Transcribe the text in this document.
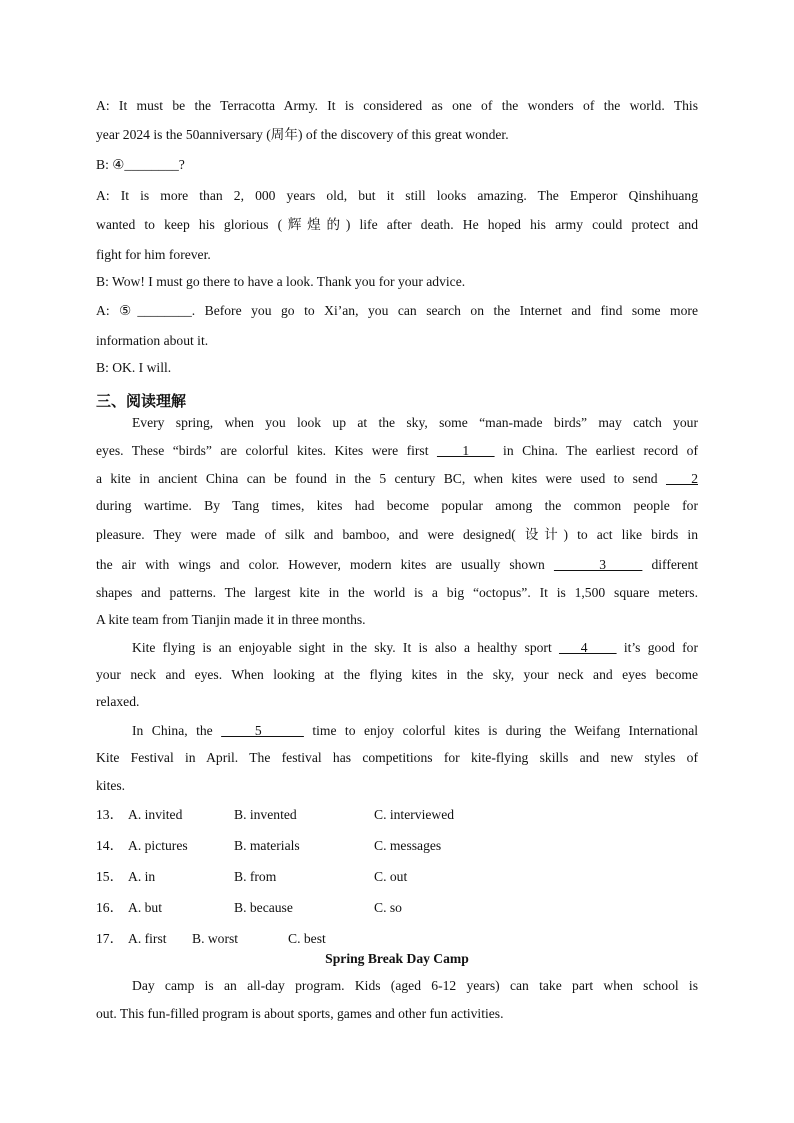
A: It must be the Terracotta Army. It is considered as one of the wonders of the world. This
year 2024 is the 50anniversary (周年) of the discovery of this great wonder.
B: ④________?
A: It is more than 2, 000 years old, but it still looks amazing. The Emperor Qinshihuang
wanted to keep his glorious (辉煌的) life after death. He hoped his army could protect and
fight for him forever.
B: Wow! I must go there to have a look. Thank you for your advice.
A: ⑤________. Before you go to Xi’an, you can search on the Internet and find some more
information about it.
B: OK. I will.
三、阅读理解
Every spring, when you look up at the sky, some “man-made birds” may catch your
eyes. These “birds” are colorful kites. Kites were first    1    in China. The earliest record of
a kite in ancient China can be found in the 5 century BC, when kites were used to send    2
during wartime. By Tang times, kites had become popular among the common people for
pleasure. They were made of silk and bamboo, and were designed( 设计) to act like birds in
the air with wings and color. However, modern kites are usually shown      3     different
shapes and patterns. The largest kite in the world is a big “octopus”. It is 1,500 square meters.
A kite team from Tianjin made it in three months.
Kite flying is an enjoyable sight in the sky. It is also a healthy sport    4     it’s good for
your neck and eyes. When looking at the flying kites in the sky, your neck and eyes become
relaxed.
In China, the     5      time to enjoy colorful kites is during the Weifang International
Kite Festival in April. The festival has competitions for kite-flying skills and new styles of
kites.
13． A. invited	B. invented	C. interviewed
14． A. pictures	B. materials	C. messages
15． A. in	B. from	C. out
16． A. but	B. because	C. so
17． A. first B. worst	C. best
Spring Break Day Camp
Day camp is an all-day program. Kids (aged 6-12 years) can take part when school is
out. This fun-filled program is about sports, games and other fun activities.
